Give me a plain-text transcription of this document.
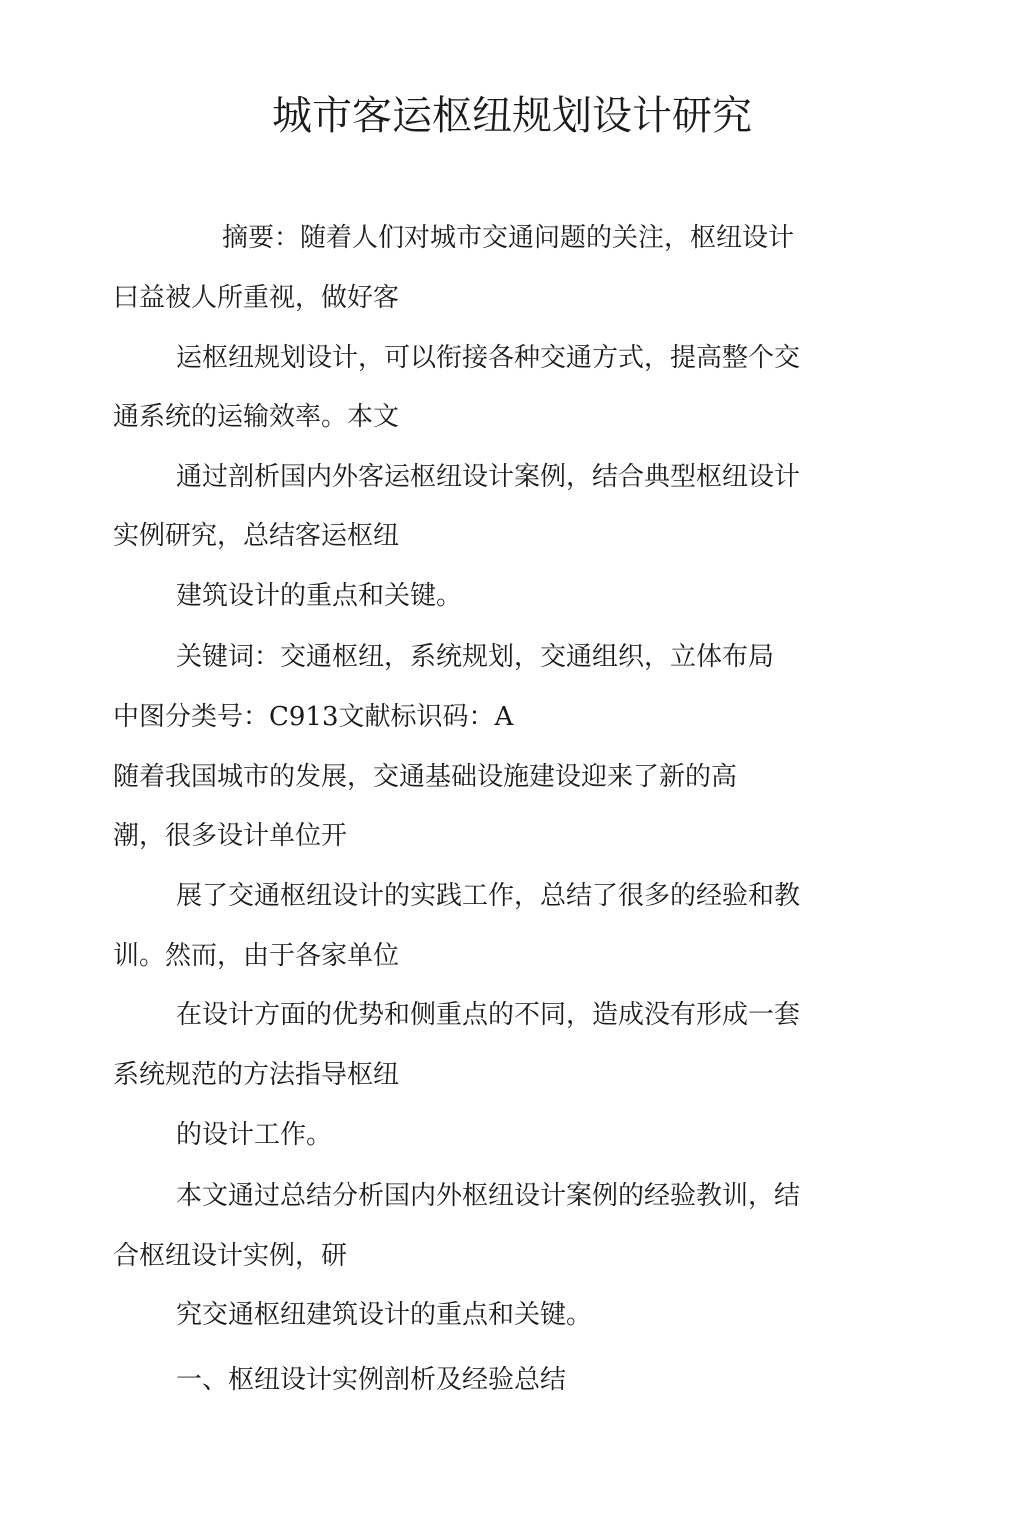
城市客运枢纽规划设计研究
摘要：随着人们对城市交通问题的关注，枢纽设计
曰益被人所重视，做好客
运枢纽规划设计，可以衔接各种交通方式，提高整个交
通系统的运输效率。本文
通过剖析国内外客运枢纽设计案例，结合典型枢纽设计
实例研究，总结客运枢纽
建筑设计的重点和关键。
关键词：交通枢纽，系统规划，交通组织，立体布局
中图分类号：C913文献标识码：A
随着我国城市的发展，交通基础设施建设迎来了新的高
潮，很多设计单位开
展了交通枢纽设计的实践工作，总结了很多的经验和教
训。然而，由于各家单位
在设计方面的优势和侧重点的不同，造成没有形成一套
系统规范的方法指导枢纽
的设计工作。
本文通过总结分析国内外枢纽设计案例的经验教训，结
合枢纽设计实例，研
究交通枢纽建筑设计的重点和关键。
一、枢纽设计实例剖析及经验总结
